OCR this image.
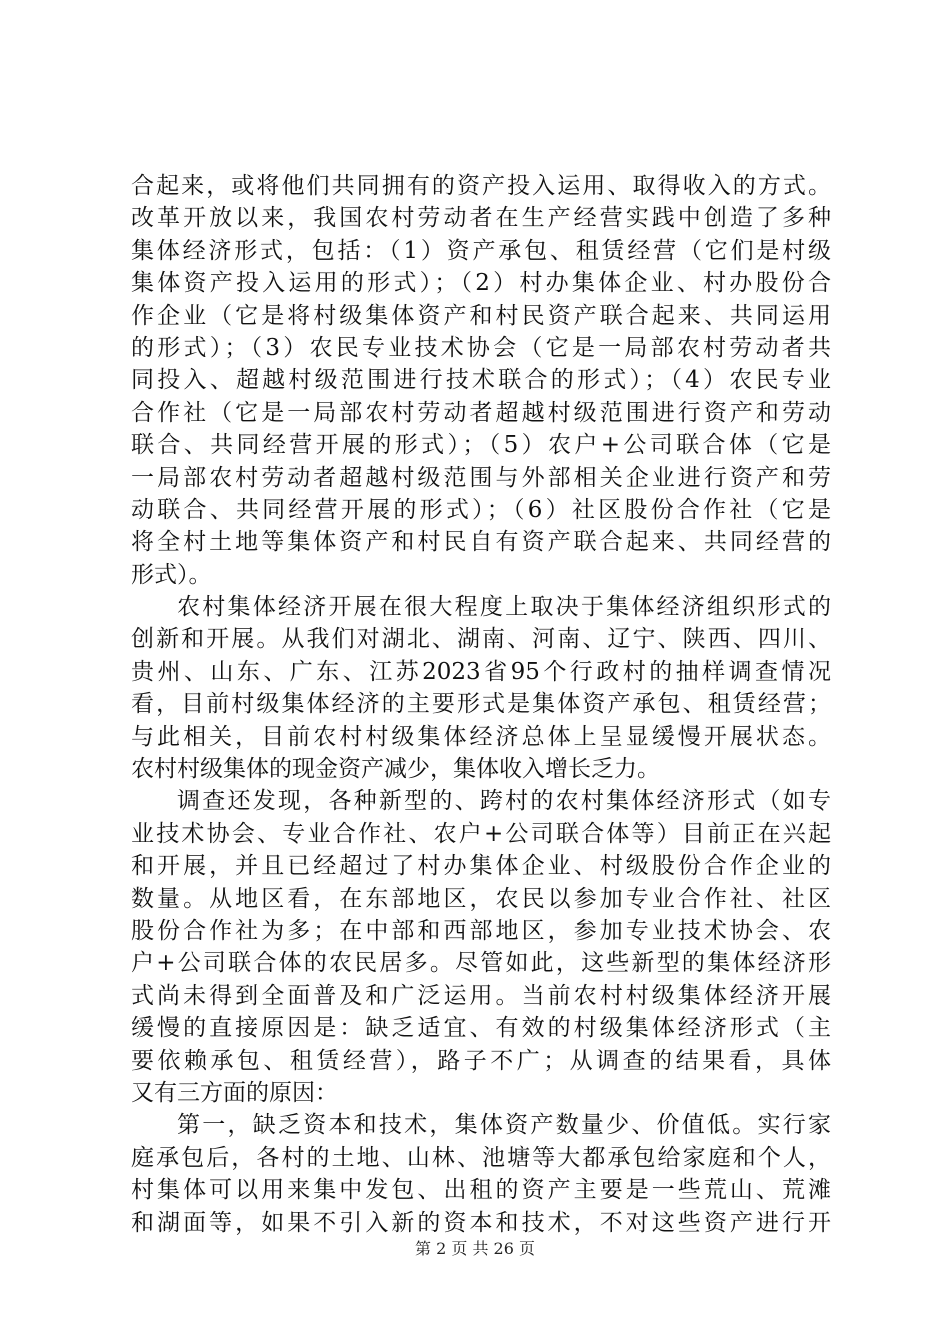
合起来，或将他们共同拥有的资产投入运用、取得收入的方式。
改革开放以来，我国农村劳动者在生产经营实践中创造了多种
集体经济形式，包括：（1）资产承包、租赁经营（它们是村级
集体资产投入运用的形式）；（2）村办集体企业、村办股份合
作企业（它是将村级集体资产和村民资产联合起来、共同运用
的形式）；（3）农民专业技术协会（它是一局部农村劳动者共
同投入、超越村级范围进行技术联合的形式）；（4）农民专业
合作社（它是一局部农村劳动者超越村级范围进行资产和劳动
联合、共同经营开展的形式）；（5）农户+公司联合体（它是
一局部农村劳动者超越村级范围与外部相关企业进行资产和劳
动联合、共同经营开展的形式）；（6）社区股份合作社（它是
将全村土地等集体资产和村民自有资产联合起来、共同经营的
形式）。
农村集体经济开展在很大程度上取决于集体经济组织形式的
创新和开展。从我们对湖北、湖南、河南、辽宁、陕西、四川、
贵州、山东、广东、江苏2023省95个行政村的抽样调查情况
看，目前村级集体经济的主要形式是集体资产承包、租赁经营；
与此相关，目前农村村级集体经济总体上呈显缓慢开展状态。
农村村级集体的现金资产减少，集体收入增长乏力。
调查还发现，各种新型的、跨村的农村集体经济形式（如专
业技术协会、专业合作社、农户+公司联合体等）目前正在兴起
和开展，并且已经超过了村办集体企业、村级股份合作企业的
数量。从地区看，在东部地区，农民以参加专业合作社、社区
股份合作社为多；在中部和西部地区，参加专业技术协会、农
户+公司联合体的农民居多。尽管如此，这些新型的集体经济形
式尚未得到全面普及和广泛运用。当前农村村级集体经济开展
缓慢的直接原因是：缺乏适宜、有效的村级集体经济形式（主
要依赖承包、租赁经营），路子不广；从调查的结果看，具体
又有三方面的原因：
第一，缺乏资本和技术，集体资产数量少、价值低。实行家
庭承包后，各村的土地、山林、池塘等大都承包给家庭和个人，
村集体可以用来集中发包、出租的资产主要是一些荒山、荒滩
和湖面等，如果不引入新的资本和技术，不对这些资产进行开
第 2 页 共 26 页
